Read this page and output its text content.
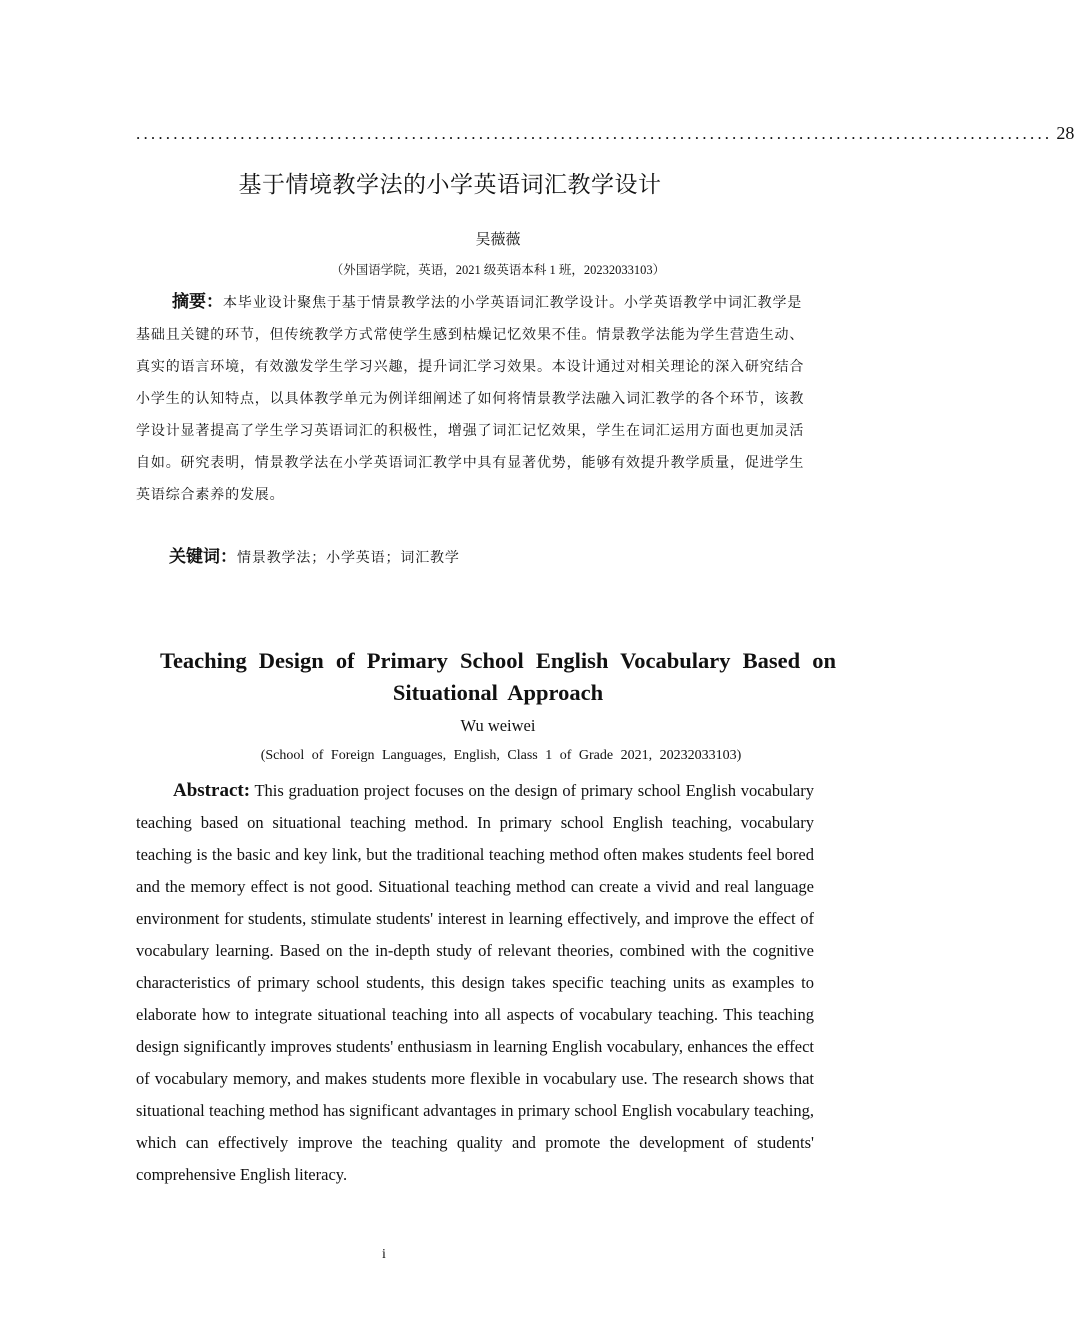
........................................................................................................................... 28
基于情境教学法的小学英语词汇教学设计
吴薇薇
（外国语学院，英语，2021 级英语本科 1 班，20232033103）
摘要：本毕业设计聚焦于基于情景教学法的小学英语词汇教学设计。小学英语教学中词汇教学是基础且关键的环节，但传统教学方式常使学生感到枯燥记忆效果不佳。情景教学法能为学生营造生动、真实的语言环境，有效激发学生学习兴趣，提升词汇学习效果。本设计通过对相关理论的深入研究结合小学生的认知特点，以具体教学单元为例详细阐述了如何将情景教学法融入词汇教学的各个环节，该教学设计显著提高了学生学习英语词汇的积极性，增强了词汇记忆效果，学生在词汇运用方面也更加灵活自如。研究表明，情景教学法在小学英语词汇教学中具有显著优势，能够有效提升教学质量，促进学生英语综合素养的发展。
关键词：情景教学法；小学英语；词汇教学
Teaching Design of Primary School English Vocabulary Based on Situational Approach
Wu weiwei
(School of Foreign Languages, English, Class 1 of Grade 2021, 20232033103)
Abstract: This graduation project focuses on the design of primary school English vocabulary teaching based on situational teaching method. In primary school English teaching, vocabulary teaching is the basic and key link, but the traditional teaching method often makes students feel bored and the memory effect is not good. Situational teaching method can create a vivid and real language environment for students, stimulate students' interest in learning effectively, and improve the effect of vocabulary learning. Based on the in-depth study of relevant theories, combined with the cognitive characteristics of primary school students, this design takes specific teaching units as examples to elaborate how to integrate situational teaching into all aspects of vocabulary teaching. This teaching design significantly improves students' enthusiasm in learning English vocabulary, enhances the effect of vocabulary memory, and makes students more flexible in vocabulary use. The research shows that situational teaching method has significant advantages in primary school English vocabulary teaching, which can effectively improve the teaching quality and promote the development of students' comprehensive English literacy.
i
